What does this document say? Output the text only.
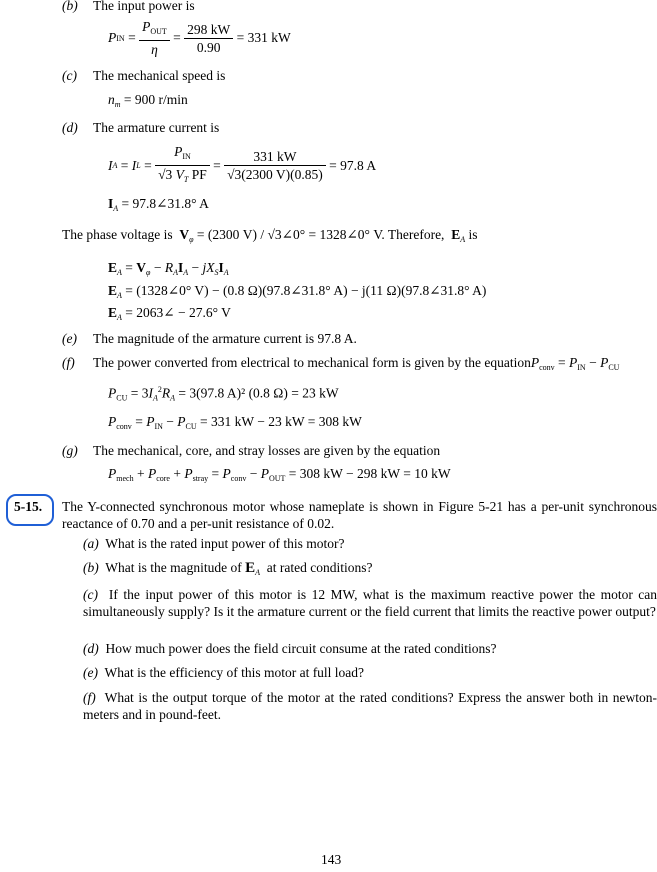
(b) The input power is
P IN = $\frac{P_{OUT}}{\eta} = \frac{298 kW}{0.90}$
= 331 kW
(c) The mechanical speed is
$n_m = 900$ r/min
(d) The armature current is
I A = I $L = \frac{P_{IN}}{√3 V_T PF} = \frac{331 kW}{√3(2300 V)(0.85)}$
= 97.8 A
$I_A$ = 97.8∠31.8° A
The phase voltage is $V_\varphi = (2300$ V) / √3∠0° = 1328∠0° V. Therefore, $E_A$ is
$E_A = V_\varphi - R_AI_A - jX_SI_A$
$E_A$ = (1328∠0° V) − (0.8 Ω)(97.8∠31.8° A) − j(11 Ω)(97.8∠31.8° A)
$E_A$ = 2063∠ − 27.6° V
(e) The magnitude of the armature current is 97.8 A.
(f) The power converted from electrical to mechanical form is given by the equationP$_{conv}$ = $P_{IN} - P_{CU}$
$P_{CU} = 3I_A^2R_A = 3(97.8$ A)² (0.8 Ω) = 23 kW
$P_{conv} = P_{IN} - P_{CU} = 331$ kW − 23 kW = 308 kW
(g) The mechanical, core, and stray losses are given by the equation
$P_{mech} + P_{core} + P_{stray} = P_{conv} - P_{OUT} = 308$ kW − 298 kW = 10 kW
5-15. The Y-connected synchronous motor whose nameplate is shown in Figure 5-21 has a per-unit synchronous reactance of 0.70 and a per-unit resistance of 0.02.
(a) What is the rated input power of this motor?
(b) What is the magnitude of $E_A$ at rated conditions?
(c) If the input power of this motor is 12 MW, what is the maximum reactive power the motor can simultaneously supply? Is it the armature current or the field current that limits the reactive power output?
(d) How much power does the field circuit consume at the rated conditions?
(e) What is the efficiency of this motor at full load?
(f) What is the output torque of the motor at the rated conditions? Express the answer both in newton-meters and in pound-feet.
143
